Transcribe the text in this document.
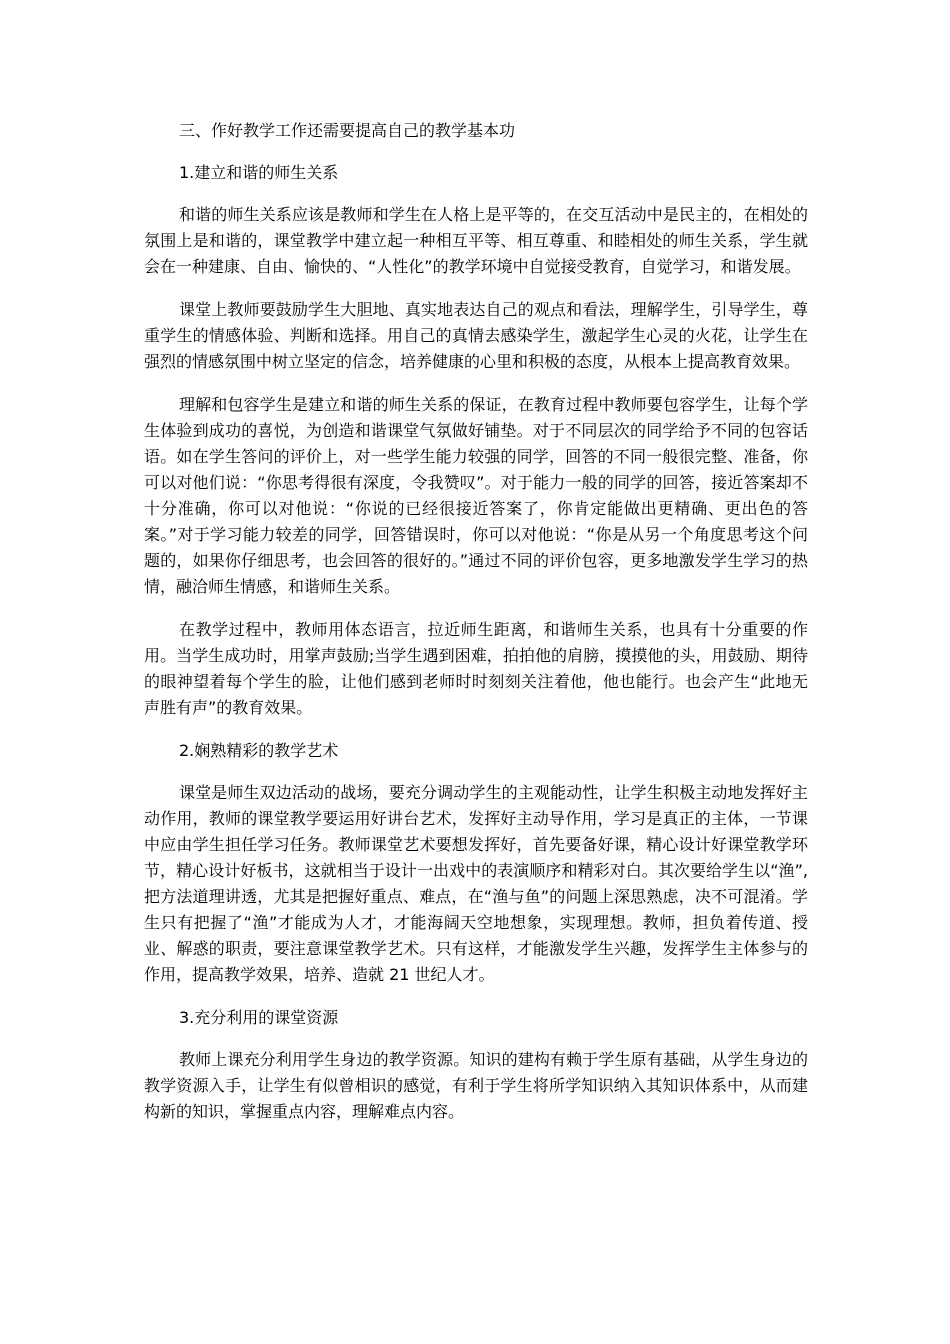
三、作好教学工作还需要提高自己的教学基本功

1.建立和谐的师生关系

和谐的师生关系应该是教师和学生在人格上是平等的，在交互活动中是民主的，在相处的氛围上是和谐的，课堂教学中建立起一种相互平等、相互尊重、和睦相处的师生关系，学生就会在一种建康、自由、愉快的、“人性化”的教学环境中自觉接受教育，自觉学习，和谐发展。

课堂上教师要鼓励学生大胆地、真实地表达自己的观点和看法，理解学生，引导学生，尊重学生的情感体验、判断和选择。用自己的真情去感染学生，激起学生心灵的火花，让学生在强烈的情感氛围中树立坚定的信念，培养健康的心里和积极的态度，从根本上提高教育效果。

理解和包容学生是建立和谐的师生关系的保证，在教育过程中教师要包容学生，让每个学生体验到成功的喜悦，为创造和谐课堂气氛做好铺垫。对于不同层次的同学给予不同的包容话语。如在学生答问的评价上，对一些学生能力较强的同学，回答的不同一般很完整、准备，你可以对他们说：“你思考得很有深度，令我赞叹”。对于能力一般的同学的回答，接近答案却不十分准确，你可以对他说：“你说的已经很接近答案了，你肯定能做出更精确、更出色的答案。”对于学习能力较差的同学，回答错误时，你可以对他说：“你是从另一个角度思考这个问题的，如果你仔细思考，也会回答的很好的。”通过不同的评价包容，更多地激发学生学习的热情，融洽师生情感，和谐师生关系。

在教学过程中，教师用体态语言，拉近师生距离，和谐师生关系，也具有十分重要的作用。当学生成功时，用掌声鼓励;当学生遇到困难，拍拍他的肩膀，摸摸他的头，用鼓励、期待的眼神望着每个学生的脸，让他们感到老师时时刻刻关注着他，他也能行。也会产生“此地无声胜有声”的教育效果。

2.娴熟精彩的教学艺术

课堂是师生双边活动的战场，要充分调动学生的主观能动性，让学生积极主动地发挥好主动作用，教师的课堂教学要运用好讲台艺术，发挥好主动导作用，学习是真正的主体，一节课中应由学生担任学习任务。教师课堂艺术要想发挥好，首先要备好课，精心设计好课堂教学环节，精心设计好板书，这就相当于设计一出戏中的表演顺序和精彩对白。其次要给学生以“渔”,把方法道理讲透，尤其是把握好重点、难点，在“渔与鱼”的问题上深思熟虑，决不可混淆。学生只有把握了“渔”才能成为人才，才能海阔天空地想象，实现理想。教师，担负着传道、授业、解惑的职责，要注意课堂教学艺术。只有这样，才能激发学生兴趣，发挥学生主体参与的作用，提高教学效果，培养、造就 21 世纪人才。

3.充分利用的课堂资源

教师上课充分利用学生身边的教学资源。知识的建构有赖于学生原有基础，从学生身边的教学资源入手，让学生有似曾相识的感觉，有利于学生将所学知识纳入其知识体系中，从而建构新的知识，掌握重点内容，理解难点内容。
